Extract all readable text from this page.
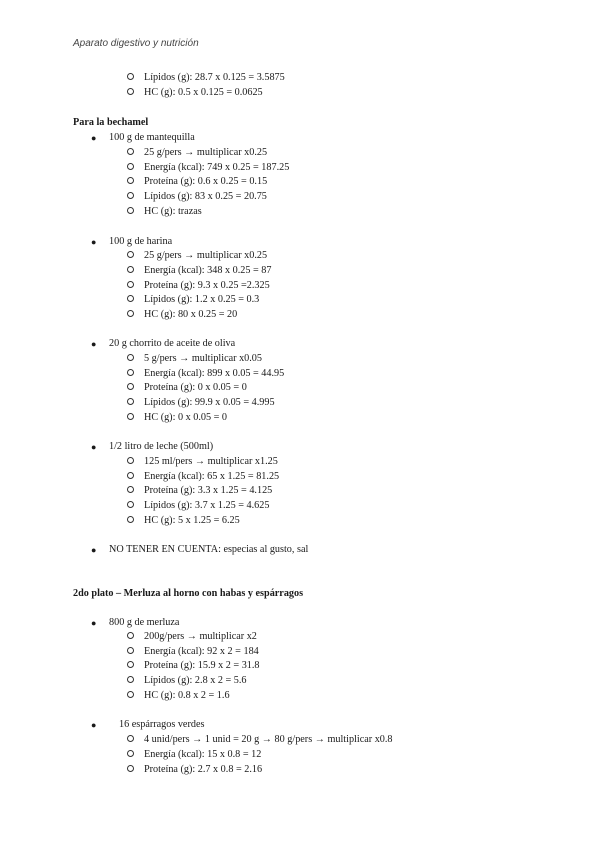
Aparato digestivo y nutrición
Lípidos (g): 28.7 x 0.125 = 3.5875
HC (g): 0.5 x 0.125 = 0.0625
Para la bechamel
● 100 g de mantequilla
25 g/pers → multiplicar x0.25
Energía (kcal): 749 x 0.25 = 187.25
Proteína (g): 0.6 x 0.25 = 0.15
Lípidos (g): 83 x 0.25 = 20.75
HC (g): trazas
● 100 g de harina
25 g/pers → multiplicar x0.25
Energía (kcal): 348 x 0.25 = 87
Proteína (g): 9.3 x 0.25 =2.325
Lípidos (g): 1.2 x 0.25 = 0.3
HC (g): 80 x 0.25 = 20
● 20 g chorrito de aceite de oliva
5 g/pers → multiplicar x0.05
Energía (kcal): 899 x 0.05 = 44.95
Proteína (g): 0 x 0.05 = 0
Lípidos (g): 99.9 x 0.05 = 4.995
HC (g): 0 x 0.05 = 0
● 1/2 litro de leche (500ml)
125 ml/pers → multiplicar x1.25
Energía (kcal): 65 x 1.25 = 81.25
Proteína (g): 3.3 x 1.25 = 4.125
Lípidos (g): 3.7 x 1.25 = 4.625
HC (g): 5 x 1.25 = 6.25
● NO TENER EN CUENTA: especias al gusto, sal
2do plato – Merluza al horno con habas y espárragos
● 800 g de merluza
200g/pers → multiplicar x2
Energía (kcal): 92 x 2 = 184
Proteína (g): 15.9 x 2 = 31.8
Lípidos (g): 2.8 x 2 = 5.6
HC (g): 0.8 x 2 = 1.6
● 16 espárragos verdes
4 unid/pers → 1 unid = 20 g → 80 g/pers → multiplicar x0.8
Energía (kcal): 15 x 0.8 = 12
Proteína (g): 2.7 x 0.8 = 2.16
